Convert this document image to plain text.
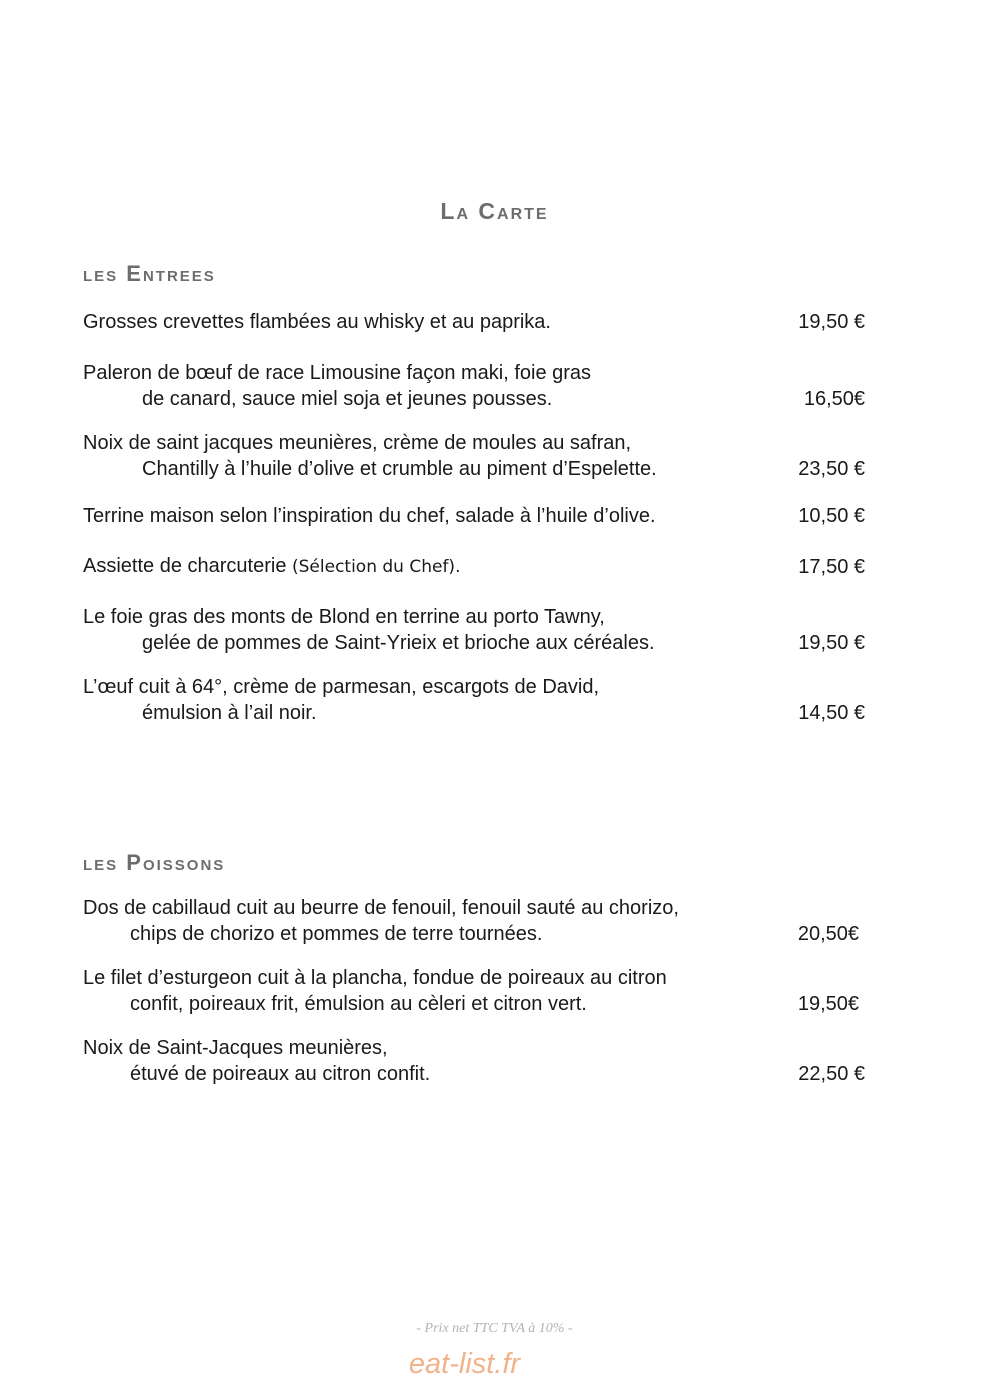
La Carte
les Entrees
Grosses crevettes flambées au whisky et au paprika.	19,50 €
Paleron de bœuf de race Limousine façon maki, foie gras
de canard, sauce miel soja et jeunes pousses.	16,50€
Noix de saint jacques meunières, crème de moules au safran,
Chantilly à l’huile d’olive et crumble au piment d’Espelette.	23,50 €
Terrine maison selon l’inspiration du chef, salade à l’huile d’olive.	10,50 €
Assiette de charcuterie (Sélection du Chef).	17,50 €
Le foie gras des monts de Blond en terrine au porto Tawny,
gelée de pommes de Saint-Yrieix et brioche aux céréales.	19,50 €
L’œuf cuit à 64°, crème de parmesan, escargots de David,
émulsion à l’ail noir.	14,50 €
les Poissons
Dos de cabillaud cuit au beurre de fenouil, fenouil sauté au chorizo,
chips de chorizo et pommes de terre tournées.	20,50€
Le filet d’esturgeon cuit à la plancha, fondue de poireaux au citron
confit, poireaux frit, émulsion au cèleri et citron vert.	19,50€
Noix de Saint-Jacques meunières,
étuvé de poireaux au citron confit.	22,50 €
- Prix net TTC TVA à 10% -
eat-list.fr
